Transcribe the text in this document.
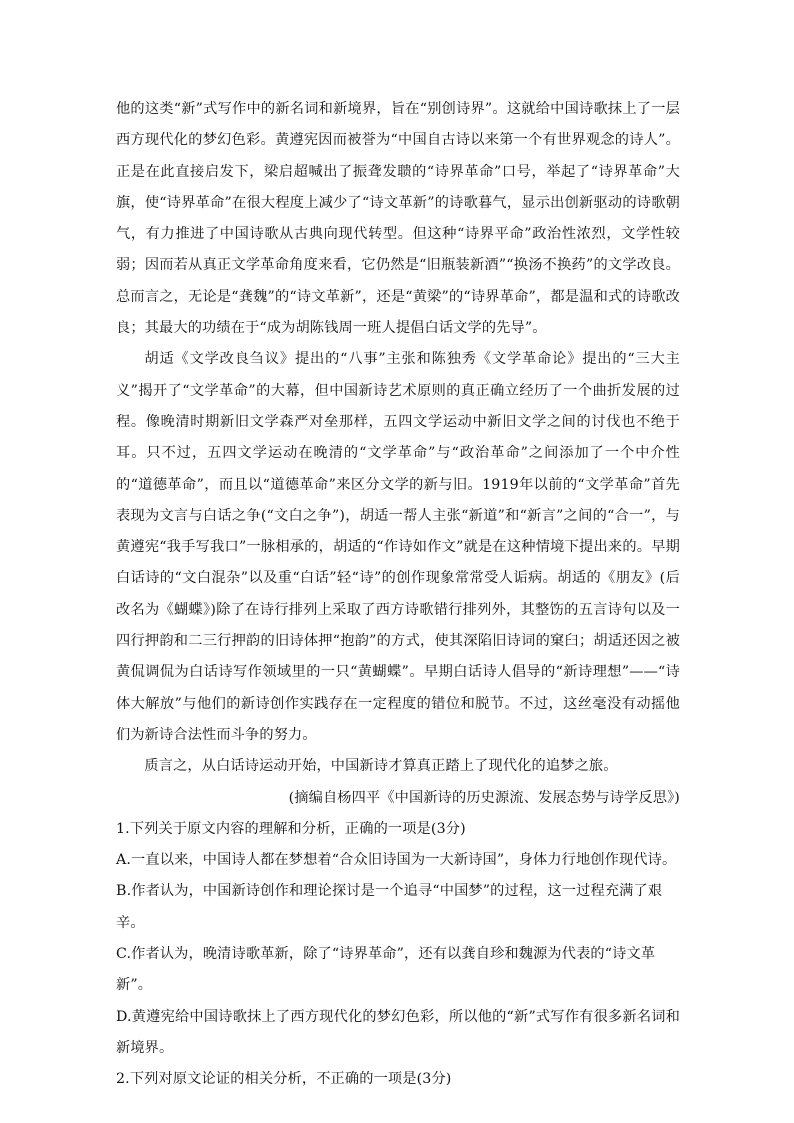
他的这类“新”式写作中的新名词和新境界，旨在“别创诗界”。这就给中国诗歌抹上了一层西方现代化的梦幻色彩。黄遵宪因而被誉为“中国自古诗以来第一个有世界观念的诗人”。正是在此直接启发下，梁启超喊出了振聋发聩的“诗界革命”口号，举起了“诗界革命”大旗，使“诗界革命”在很大程度上减少了“诗文革新”的诗歌暮气，显示出创新驱动的诗歌朝气，有力推进了中国诗歌从古典向现代转型。但这种“诗界平命”政治性浓烈，文学性较弱；因而若从真正文学革命角度来看，它仍然是“旧瓶装新酒”“换汤不换药”的文学改良。总而言之，无论是“龚魏”的“诗文革新”，还是“黄梁”的“诗界革命”，都是温和式的诗歌改良；其最大的功绩在于“成为胡陈钱周一班人提倡白话文学的先导”。

胡适《文学改良刍议》提出的“八事”主张和陈独秀《文学革命论》提出的“三大主义”揭开了“文学革命”的大幕，但中国新诗艺术原则的真正确立经历了一个曲折发展的过程。像晚清时期新旧文学森严对垒那样，五四文学运动中新旧文学之间的讨伐也不绝于耳。只不过，五四文学运动在晚清的“文学革命”与“政治革命”之间添加了一个中介性的“道德革命”，而且以“道德革命”来区分文学的新与旧。1919年以前的“文学革命”首先表现为文言与白话之争(“文白之争”)，胡适一帮人主张“新道”和“新言”之间的“合一”，与黄遵宪“我手写我口”一脉相承的，胡适的“作诗如作文”就是在这种情境下提出来的。早期白话诗的“文白混杂”以及重“白话”轻“诗”的创作现象常常受人诟病。胡适的《朋友》(后改名为《蝴蝶》)除了在诗行排列上采取了西方诗歌错行排列外，其整饬的五言诗句以及一四行押韵和二三行押韵的旧诗体押“抱韵”的方式，使其深陷旧诗词的窠臼；胡适还因之被黄侃调侃为白话诗写作领域里的一只“黄蝴蝶”。早期白话诗人倡导的“新诗理想”——“诗体大解放”与他们的新诗创作实践存在一定程度的错位和脱节。不过，这丝毫没有动摇他们为新诗合法性而斗争的努力。

质言之，从白话诗运动开始，中国新诗才算真正踏上了现代化的追梦之旅。

(摘编自杨四平《中国新诗的历史源流、发展态势与诗学反思》)

1.下列关于原文内容的理解和分析，正确的一项是(3分)

A.一直以来，中国诗人都在梦想着“合众旧诗国为一大新诗国”，身体力行地创作现代诗。

B.作者认为，中国新诗创作和理论探讨是一个追寻“中国梦”的过程，这一过程充满了艰辛。

C.作者认为，晚清诗歌革新，除了“诗界革命”，还有以龚自珍和魏源为代表的“诗文革新”。

D.黄遵宪给中国诗歌抹上了西方现代化的梦幻色彩，所以他的“新”式写作有很多新名词和新境界。

2.下列对原文论证的相关分析，不正确的一项是(3分)
